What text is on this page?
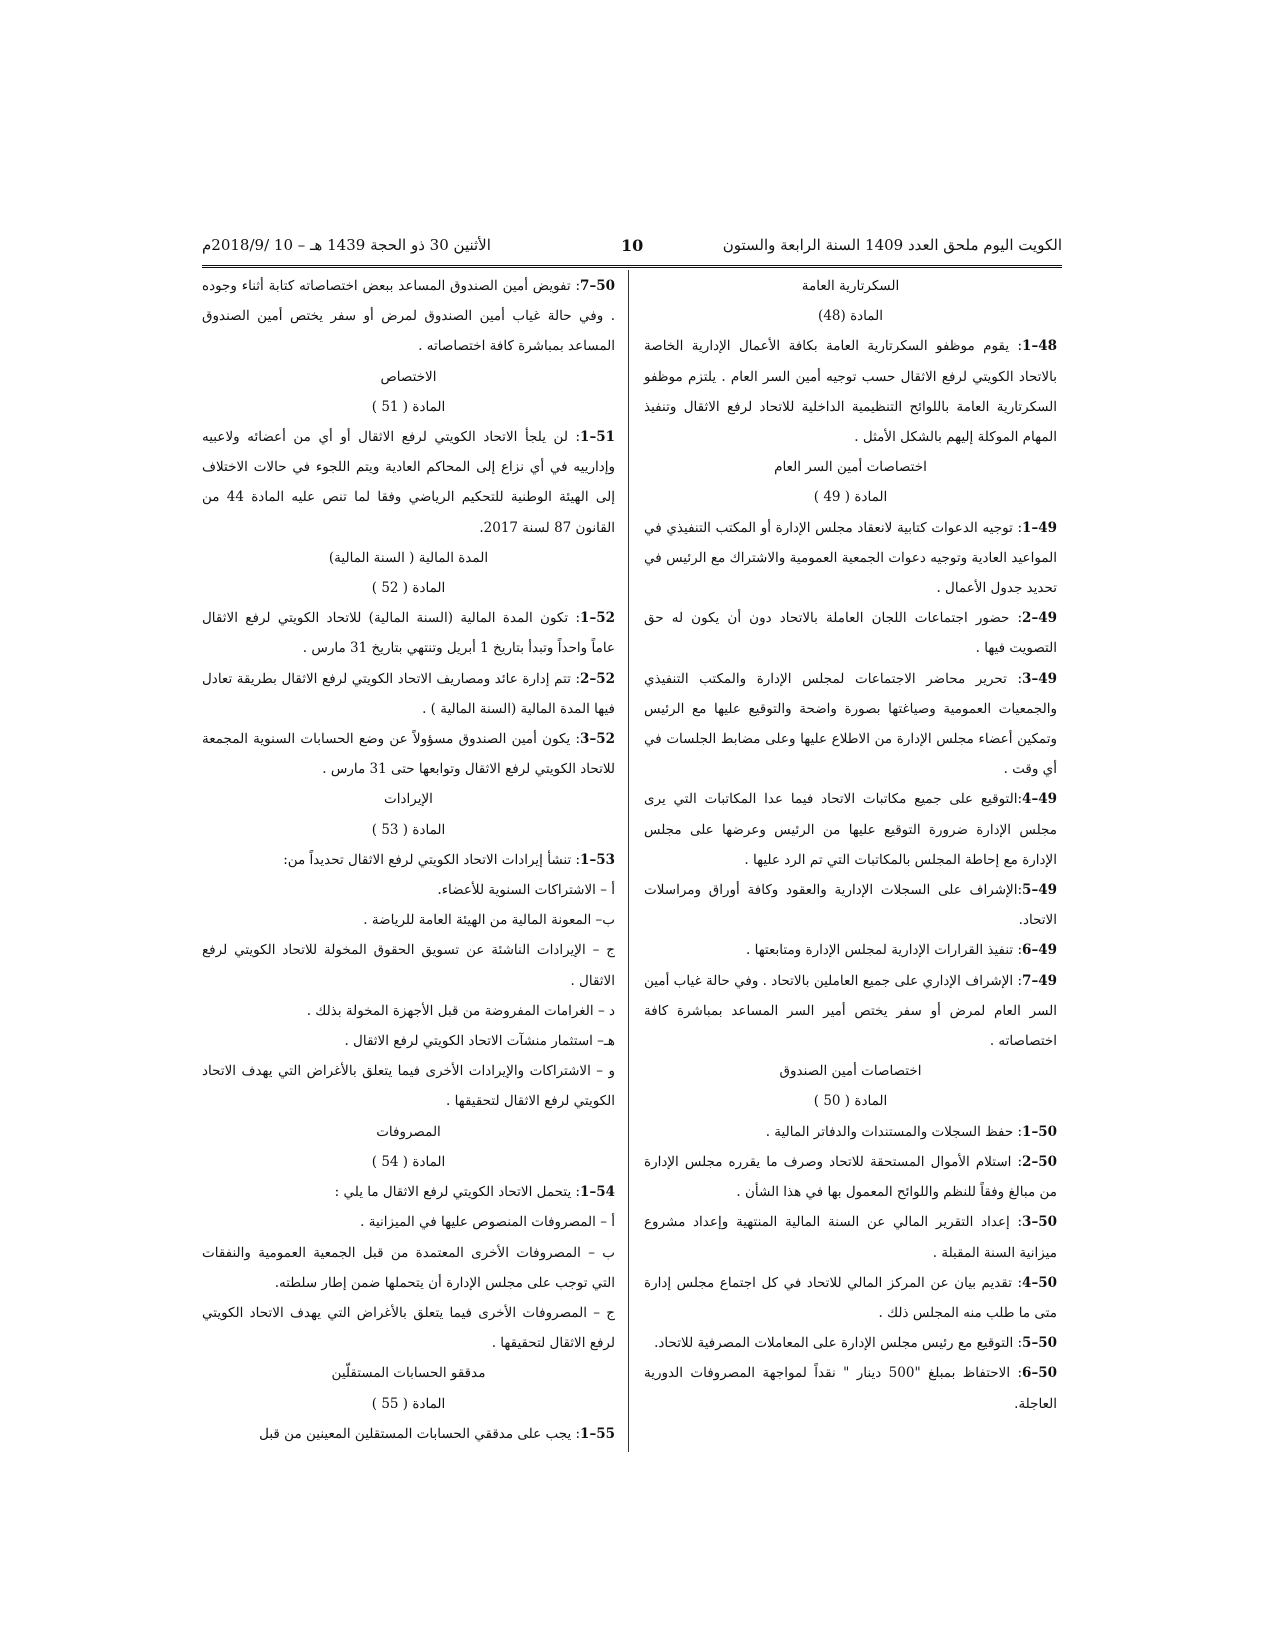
الكويت اليوم ملحق العدد 1409 السنة الرابعة والستون
10
الأثنين 30 ذو الحجة 1439 هـ – 10 /2018/9م

السكرتارية العامة

المادة (48)

48–1: يقوم موظفو السكرتارية العامة بكافة الأعمال الإدارية الخاصة بالاتحاد الكويتي لرفع الاثقال حسب توجيه أمين السر العام . يلتزم موظفو السكرتارية العامة باللوائح التنظيمية الداخلية للاتحاد لرفع الاثقال وتنفيذ المهام الموكلة إليهم بالشكل الأمثل .

اختصاصات أمين السر العام

المادة ( 49 )

49–1: توجيه الدعوات كتابية لانعقاد مجلس الإدارة أو المكتب التنفيذي في المواعيد العادية وتوجيه دعوات الجمعية العمومية والاشتراك مع الرئيس في تحديد جدول الأعمال .

49–2: حضور اجتماعات اللجان العاملة بالاتحاد دون أن يكون له حق التصويت فيها .

49–3: تحرير محاضر الاجتماعات لمجلس الإدارة والمكتب التنفيذي والجمعيات العمومية وصياغتها بصورة واضحة والتوقيع عليها مع الرئيس وتمكين أعضاء مجلس الإدارة من الاطلاع عليها وعلى مضابط الجلسات في أي وقت .

49–4:التوقيع على جميع مكاتبات الاتحاد فيما عدا المكاتبات التي يرى مجلس الإدارة ضرورة التوقيع عليها من الرئيس وعرضها على مجلس الإدارة مع إحاطة المجلس بالمكاتبات التي تم الرد عليها .

49–5:الإشراف على السجلات الإدارية والعقود وكافة أوراق ومراسلات الاتحاد.

49–6: تنفيذ القرارات الإدارية لمجلس الإدارة ومتابعتها .

49–7: الإشراف الإداري على جميع العاملين بالاتحاد . وفي حالة غياب أمين السر العام لمرض أو سفر يختص أمير السر المساعد بمباشرة كافة اختصاصاته .

اختصاصات أمين الصندوق

المادة ( 50 )

50–1: حفظ السجلات والمستندات والدفاتر المالية .

50–2: استلام الأموال المستحقة للاتحاد وصرف ما يقرره مجلس الإدارة من مبالغ وفقاً للنظم واللوائح المعمول بها في هذا الشأن .

50–3: إعداد التقرير المالي عن السنة المالية المنتهية وإعداد مشروع ميزانية السنة المقبلة .

50–4: تقديم بيان عن المركز المالي للاتحاد في كل اجتماع مجلس إدارة متى ما طلب منه المجلس ذلك .

50–5: التوقيع مع رئيس مجلس الإدارة على المعاملات المصرفية للاتحاد.

50–6: الاحتفاظ بمبلغ "500 دينار " نقداً لمواجهة المصروفات الدورية العاجلة.

50–7: تفويض أمين الصندوق المساعد ببعض اختصاصاته كتابة أثناء وجوده . وفي حالة غياب أمين الصندوق لمرض أو سفر يختص أمين الصندوق المساعد بمباشرة كافة اختصاصاته .

الاختصاص

المادة ( 51 )

51–1: لن يلجأ الاتحاد الكويتي لرفع الاثقال أو أي من أعضائه ولاعبيه وإدارييه في أي نزاع إلى المحاكم العادية ويتم اللجوء في حالات الاختلاف إلى الهيئة الوطنية للتحكيم الرياضي وفقا لما تنص عليه المادة 44 من القانون 87 لسنة 2017.

المدة المالية ( السنة المالية)

المادة ( 52 )

52–1: تكون المدة المالية (السنة المالية) للاتحاد الكويتي لرفع الاثقال عاماً واحداً وتبدأ بتاريخ 1 أبريل وتنتهي بتاريخ 31 مارس .

52–2: تتم إدارة عائد ومصاريف الاتحاد الكويتي لرفع الاثقال بطريقة تعادل فيها المدة المالية (السنة المالية ) .

52–3: يكون أمين الصندوق مسؤولاً عن وضع الحسابات السنوية المجمعة للاتحاد الكويتي لرفع الاثقال وتوابعها حتى 31 مارس .

الإيرادات

المادة ( 53 )

53–1: تنشأ إيرادات الاتحاد الكويتي لرفع الاثقال تحديداً من:

أ – الاشتراكات السنوية للأعضاء.

ب– المعونة المالية من الهيئة العامة للرياضة .

ج – الإيرادات الناشئة عن تسويق الحقوق المخولة للاتحاد الكويتي لرفع الاثقال .

د – الغرامات المفروضة من قبل الأجهزة المخولة بذلك .

هـ– استثمار منشآت الاتحاد الكويتي لرفع الاثقال .

و – الاشتراكات والإيرادات الأخرى فيما يتعلق بالأغراض التي يهدف الاتحاد الكويتي لرفع الاثقال لتحقيقها .

المصروفات

المادة ( 54 )

54–1: يتحمل الاتحاد الكويتي لرفع الاثقال ما يلي :

أ – المصروفات المنصوص عليها في الميزانية .

ب – المصروفات الأخرى المعتمدة من قبل الجمعية العمومية والنفقات التي توجب على مجلس الإدارة أن يتحملها ضمن إطار سلطته.

ج – المصروفات الأخرى فيما يتعلق بالأغراض التي يهدف الاتحاد الكويتي لرفع الاثقال لتحقيقها .

مدققو الحسابات المستقلّين

المادة ( 55 )

55–1: يجب على مدققي الحسابات المستقلين المعينين من قبل
